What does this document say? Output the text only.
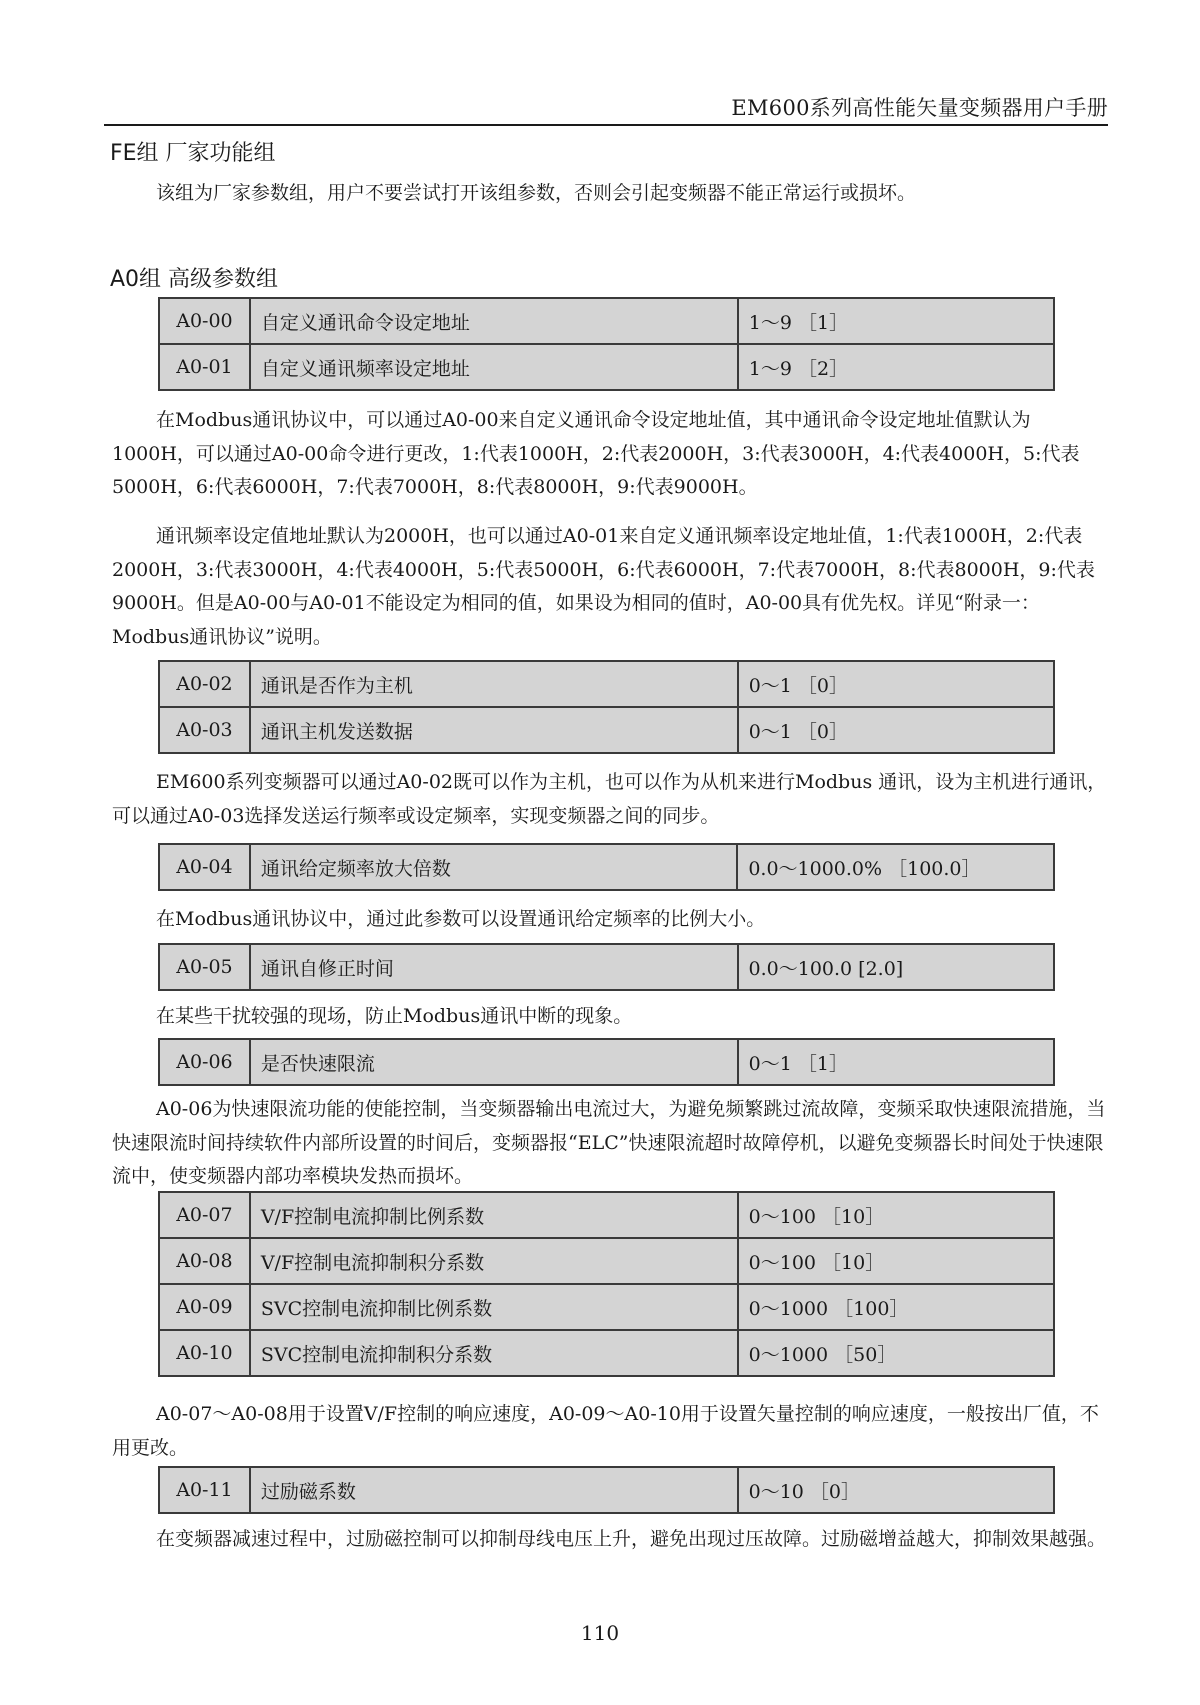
EM600系列高性能矢量变频器用户手册
FE组 厂家功能组
该组为厂家参数组，用户不要尝试打开该组参数，否则会引起变频器不能正常运行或损坏。
A0组 高级参数组
A0-00	自定义通讯命令设定地址	1～9 ［1］
A0-01	自定义通讯频率设定地址	1～9 ［2］
在Modbus通讯协议中，可以通过A0-00来自定义通讯命令设定地址值，其中通讯命令设定地址值默认为1000H，可以通过A0-00命令进行更改，1:代表1000H，2:代表2000H，3:代表3000H，4:代表4000H，5:代表5000H，6:代表6000H，7:代表7000H，8:代表8000H，9:代表9000H。
通讯频率设定值地址默认为2000H，也可以通过A0-01来自定义通讯频率设定地址值，1:代表1000H，2:代表2000H，3:代表3000H，4:代表4000H，5:代表5000H，6:代表6000H，7:代表7000H，8:代表8000H，9:代表9000H。但是A0-00与A0-01不能设定为相同的值，如果设为相同的值时，A0-00具有优先权。详见“附录一：Modbus通讯协议”说明。
A0-02	通讯是否作为主机	0～1 ［0］
A0-03	通讯主机发送数据	0～1 ［0］
EM600系列变频器可以通过A0-02既可以作为主机，也可以作为从机来进行Modbus 通讯，设为主机进行通讯，可以通过A0-03选择发送运行频率或设定频率，实现变频器之间的同步。
A0-04	通讯给定频率放大倍数	0.0～1000.0% ［100.0］
在Modbus通讯协议中，通过此参数可以设置通讯给定频率的比例大小。
A0-05	通讯自修正时间	0.0～100.0 [2.0]
在某些干扰较强的现场，防止Modbus通讯中断的现象。
A0-06	是否快速限流	0～1 ［1］
A0-06为快速限流功能的使能控制，当变频器输出电流过大，为避免频繁跳过流故障，变频采取快速限流措施，当快速限流时间持续软件内部所设置的时间后，变频器报“ELC”快速限流超时故障停机，以避免变频器长时间处于快速限流中，使变频器内部功率模块发热而损坏。
A0-07	V/F控制电流抑制比例系数	0～100 ［10］
A0-08	V/F控制电流抑制积分系数	0～100 ［10］
A0-09	SVC控制电流抑制比例系数	0～1000 ［100］
A0-10	SVC控制电流抑制积分系数	0～1000 ［50］
A0-07～A0-08用于设置V/F控制的响应速度，A0-09～A0-10用于设置矢量控制的响应速度，一般按出厂值，不用更改。
A0-11	过励磁系数	0～10 ［0］
在变频器减速过程中，过励磁控制可以抑制母线电压上升，避免出现过压故障。过励磁增益越大，抑制效果越强。
110
